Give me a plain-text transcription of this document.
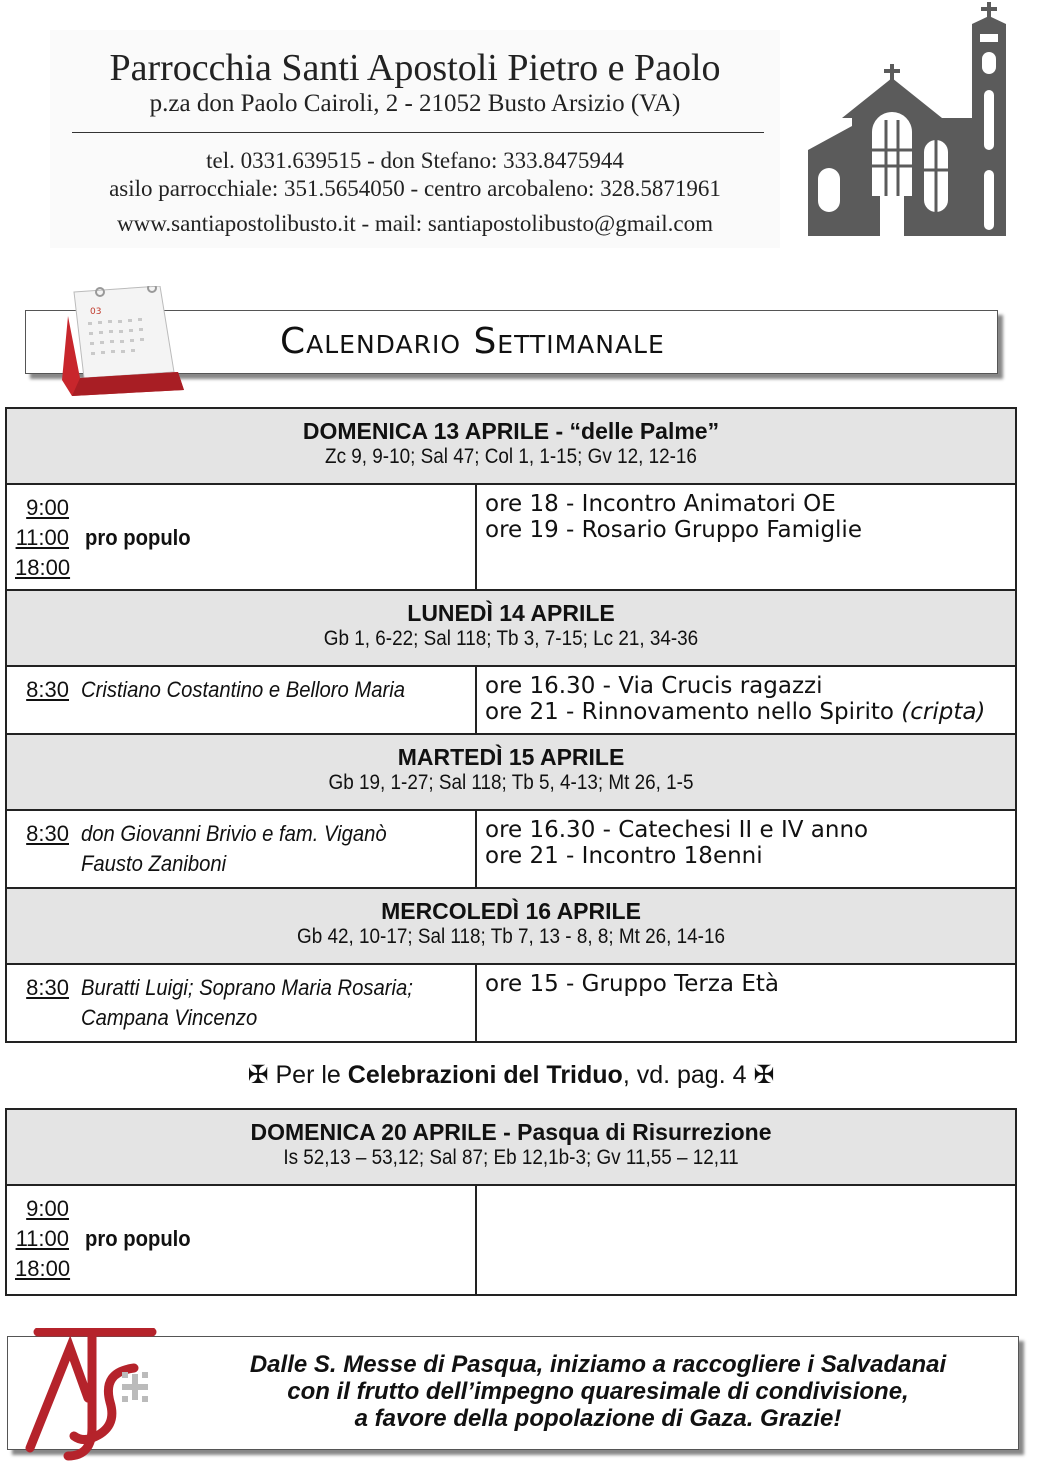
Parrocchia Santi Apostoli Pietro e Paolo
p.za don Paolo Cairoli, 2 - 21052 Busto Arsizio (VA)
tel. 0331.639515 - don Stefano: 333.8475944
asilo parrocchiale: 351.5654050 - centro arcobaleno: 328.5871961
www.santiapostolibusto.it - mail: santiapostolibusto@gmail.com
Calendario Settimanale
03
DOMENICA 13 APRILE - “delle Palme”
Zc 9, 9-10; Sal 47; Col 1, 1-15; Gv 12, 12-16
9:00
11:00
18:00
pro populo
ore 18 - Incontro Animatori OE
ore 19 - Rosario Gruppo Famiglie
LUNEDÌ 14 APRILE
Gb 1, 6-22; Sal 118; Tb 3, 7-15; Lc 21, 34-36
8:30 Cristiano Costantino e Belloro Maria	ore 16.30 - Via Crucis ragazzi
ore 21 - Rinnovamento nello Spirito (cripta)
MARTEDÌ 15 APRILE
Gb 19, 1-27; Sal 118; Tb 5, 4-13; Mt 26, 1-5
8:30 don Giovanni Brivio e fam. Viganò
Fausto Zaniboni
ore 16.30 - Catechesi II e IV anno
ore 21 - Incontro 18enni
MERCOLEDÌ 16 APRILE
Gb 42, 10-17; Sal 118; Tb 7, 13 - 8, 8; Mt 26, 14-16
8:30 Buratti Luigi; Soprano Maria Rosaria;
Campana Vincenzo
ore 15 - Gruppo Terza Età
✠ Per le Celebrazioni del Triduo, vd. pag. 4 ✠
DOMENICA 20 APRILE - Pasqua di Risurrezione
Is 52,13 – 53,12; Sal 87; Eb 12,1b-3; Gv 11,55 – 12,11
9:00
11:00
18:00
pro populo
Dalle S. Messe di Pasqua, iniziamo a raccogliere i Salvadanai
con il frutto dell’impegno quaresimale di condivisione,
a favore della popolazione di Gaza. Grazie!
